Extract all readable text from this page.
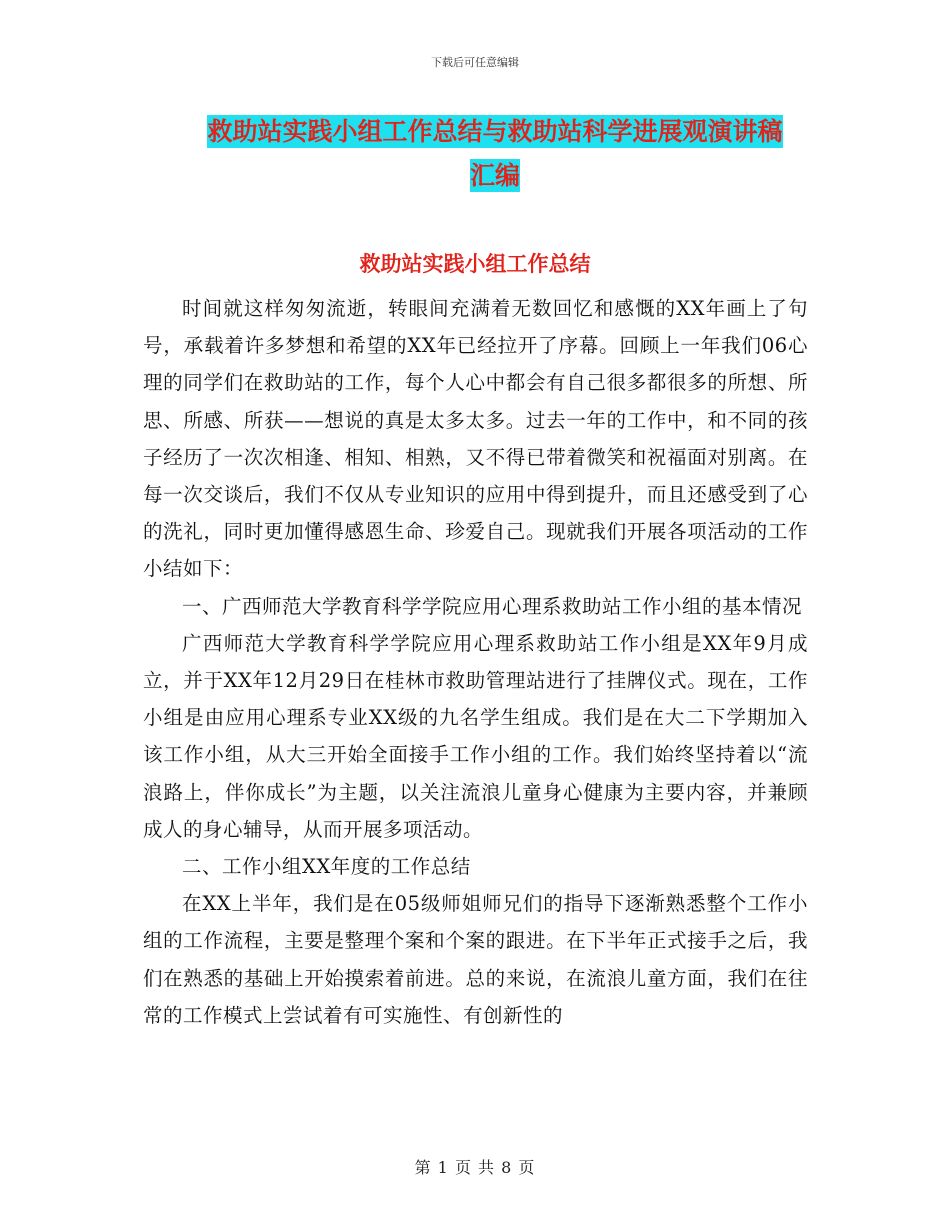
下载后可任意编辑
救助站实践小组工作总结与救助站科学进展观演讲稿
汇编
救助站实践小组工作总结

时间就这样匆匆流逝，转眼间充满着无数回忆和感慨的XX年画上了句号，承载着许多梦想和希望的XX年已经拉开了序幕。回顾上一年我们06心理的同学们在救助站的工作，每个人心中都会有自己很多都很多的所想、所思、所感、所获——想说的真是太多太多。过去一年的工作中，和不同的孩子经历了一次次相逢、相知、相熟，又不得已带着微笑和祝福面对别离。在每一次交谈后，我们不仅从专业知识的应用中得到提升，而且还感受到了心的洗礼，同时更加懂得感恩生命、珍爱自己。现就我们开展各项活动的工作小结如下：

一、广西师范大学教育科学学院应用心理系救助站工作小组的基本情况

广西师范大学教育科学学院应用心理系救助站工作小组是XX年9月成立，并于XX年12月29日在桂林市救助管理站进行了挂牌仪式。现在，工作小组是由应用心理系专业XX级的九名学生组成。我们是在大二下学期加入该工作小组，从大三开始全面接手工作小组的工作。我们始终坚持着以“流浪路上，伴你成长”为主题，以关注流浪儿童身心健康为主要内容，并兼顾成人的身心辅导，从而开展多项活动。

二、工作小组XX年度的工作总结

在XX上半年，我们是在05级师姐师兄们的指导下逐渐熟悉整个工作小组的工作流程，主要是整理个案和个案的跟进。在下半年正式接手之后，我们在熟悉的基础上开始摸索着前进。总的来说，在流浪儿童方面，我们在往常的工作模式上尝试着有可实施性、有创新性的

第 1 页 共 8 页
